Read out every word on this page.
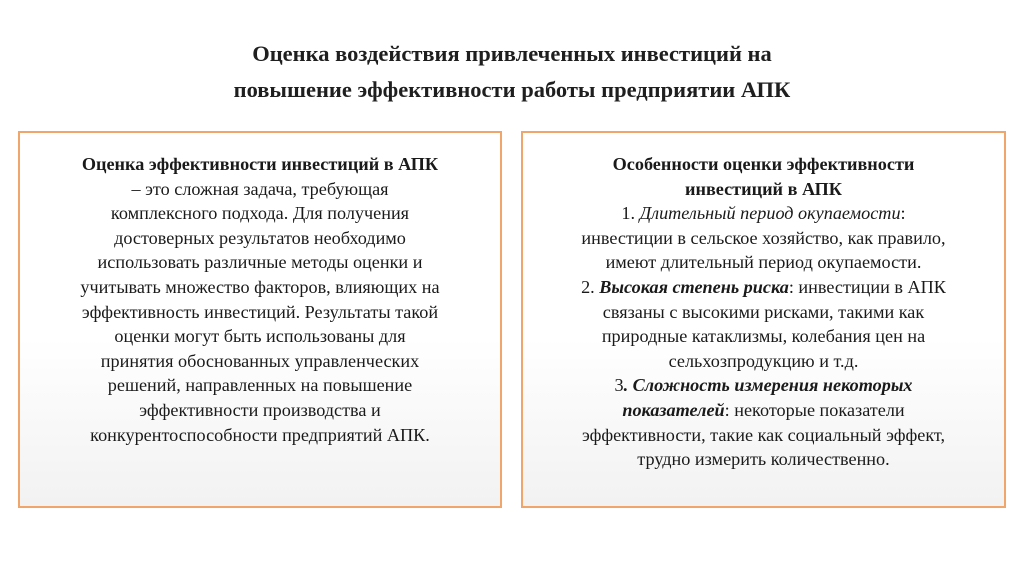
Оценка воздействия привлеченных инвестиций на
повышение эффективности работы предприятии АПК
Оценка эффективности инвестиций в АПК
– это сложная задача, требующая
комплексного подхода. Для получения
достоверных результатов необходимо
использовать различные методы оценки и
учитывать множество факторов, влияющих на
эффективность инвестиций. Результаты такой
оценки могут быть использованы для
принятия обоснованных управленческих
решений, направленных на повышение
эффективности производства и
конкурентоспособности предприятий АПК.
Особенности оценки эффективности
инвестиций в АПК
1. Длительный период окупаемости:
инвестиции в сельское хозяйство, как правило,
имеют длительный период окупаемости.
2. Высокая степень риска: инвестиции в АПК
связаны с высокими рисками, такими как
природные катаклизмы, колебания цен на
сельхозпродукцию и т.д.
3. Сложность измерения некоторых
показателей: некоторые показатели
эффективности, такие как социальный эффект,
трудно измерить количественно.
